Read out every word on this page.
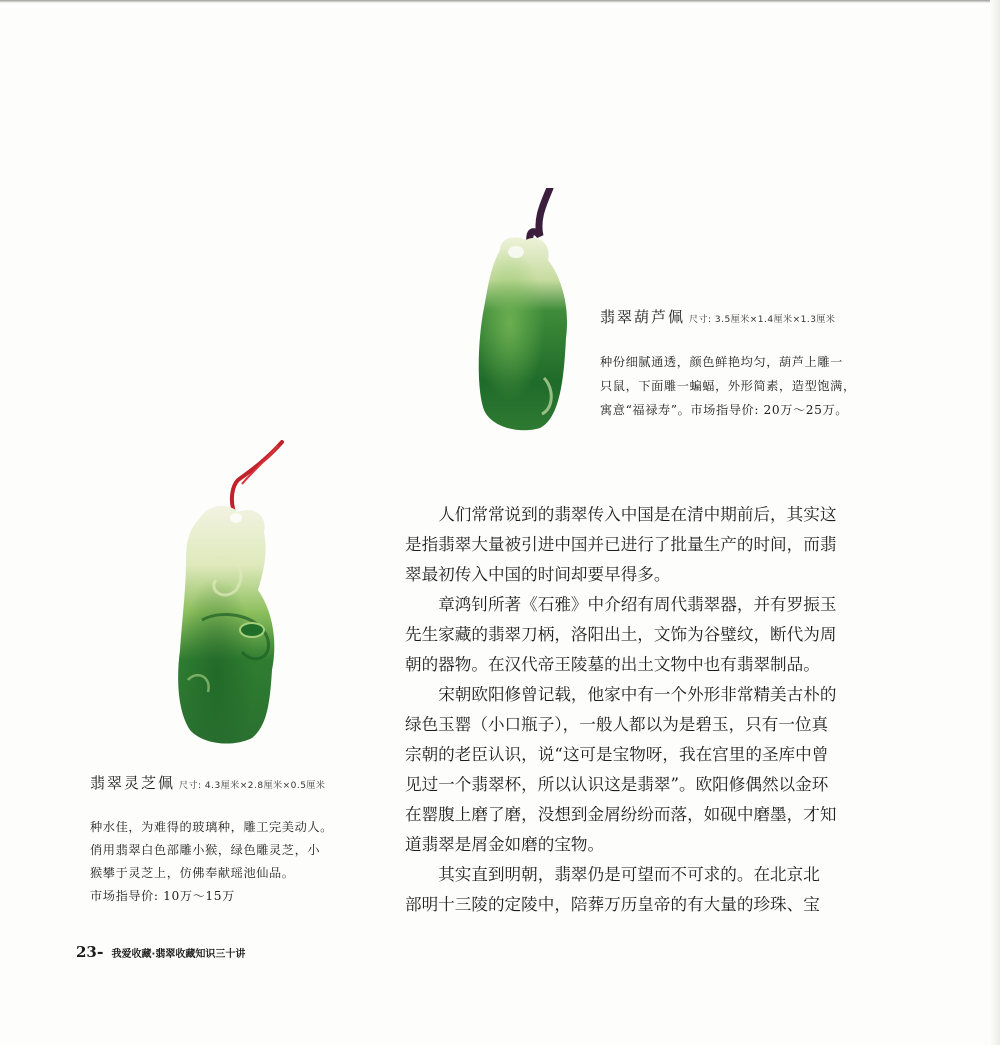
翡翠葫芦佩 尺寸: 3.5厘米×1.4厘米×1.3厘米

种份细腻通透，颜色鲜艳均匀，葫芦上雕一

只鼠，下面雕一蝙蝠，外形简素，造型饱满，

寓意“福禄寿”。市场指导价: 20万～25万。

翡翠灵芝佩 尺寸: 4.3厘米×2.8厘米×0.5厘米

种水佳，为难得的玻璃种，雕工完美动人。

俏用翡翠白色部雕小猴，绿色雕灵芝，小

猴攀于灵芝上，仿佛奉献瑶池仙品。

市场指导价: 10万～15万

人们常常说到的翡翠传入中国是在清中期前后，其实这
是指翡翠大量被引进中国并已进行了批量生产的时间，而翡
翠最初传入中国的时间却要早得多。

章鸿钊所著《石雅》中介绍有周代翡翠器，并有罗振玉
先生家藏的翡翠刀柄，洛阳出土，文饰为谷璧纹，断代为周
朝的器物。在汉代帝王陵墓的出土文物中也有翡翠制品。

宋朝欧阳修曾记载，他家中有一个外形非常精美古朴的
绿色玉罂（小口瓶子），一般人都以为是碧玉，只有一位真
宗朝的老臣认识，说“这可是宝物呀，我在宫里的圣库中曾
见过一个翡翠杯，所以认识这是翡翠”。欧阳修偶然以金环
在罂腹上磨了磨，没想到金屑纷纷而落，如砚中磨墨，才知
道翡翠是屑金如磨的宝物。

其实直到明朝，翡翠仍是可望而不可求的。在北京北
部明十三陵的定陵中，陪葬万历皇帝的有大量的珍珠、宝

23- 我爱收藏·翡翠收藏知识三十讲
